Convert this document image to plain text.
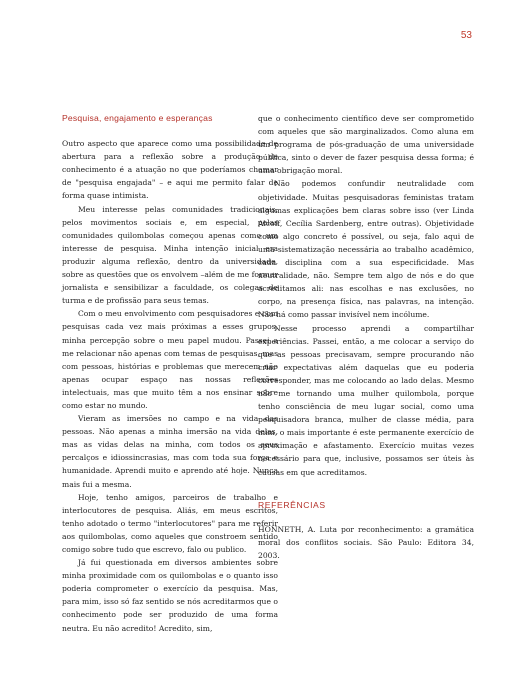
53
Pesquisa, engajamento e esperanças

Outro aspecto que aparece como uma possibilidade de abertura para a reflexão sobre a produção de conhecimento é a atuação no que poderíamos chamar de "pesquisa engajada" – e aqui me permito falar de forma quase intimista.

Meu interesse pelas comunidades tradicionais, pelos movimentos sociais e, em especial, pelas comunidades quilombolas começou apenas como um interesse de pesquisa. Minha intenção inicial era produzir alguma reflexão, dentro da universidade, sobre as questões que os envolvem –além de me formar jornalista e sensibilizar a faculdade, os colegas de turma e de profissão para seus temas.

Com o meu envolvimento com pesquisadores e com pesquisas cada vez mais próximas a esses grupos, minha percepção sobre o meu papel mudou. Passei a me relacionar não apenas com temas de pesquisas, mas com pessoas, histórias e problemas que merecem não apenas ocupar espaço nas nossas reflexões intelectuais, mas que muito têm a nos ensinar sobre como estar no mundo.

Vieram as imersões no campo e na vida das pessoas. Não apenas a minha imersão na vida delas, mas as vidas delas na minha, com todos os seus percalços e idiossincrasias, mas com toda sua força e humanidade. Aprendi muito e aprendo até hoje. Nunca mais fui a mesma.

Hoje, tenho amigos, parceiros de trabalho e interlocutores de pesquisa. Aliás, em meus escritos, tenho adotado o termo "interlocutores" para me referir aos quilombolas, como aqueles que constroem sentido comigo sobre tudo que escrevo, falo ou publico.

Já fui questionada em diversos ambientes sobre minha proximidade com os quilombolas e o quanto isso poderia comprometer o exercício da pesquisa. Mas, para mim, isso só faz sentido se nós acreditarmos que o conhecimento pode ser produzido de uma forma neutra. Eu não acredito! Acredito, sim,

que o conhecimento científico deve ser comprometido com aqueles que são marginalizados. Como aluna em um programa de pós-graduação de uma universidade pública, sinto o dever de fazer pesquisa dessa forma; é uma obrigação moral.

Não podemos confundir neutralidade com objetividade. Muitas pesquisadoras feministas tratam algumas explicações bem claras sobre isso (ver Linda Alcoff, Cecília Sardenberg, entre outras). Objetividade como algo concreto é possível, ou seja, falo aqui de uma sistematização necessária ao trabalho acadêmico, cada disciplina com a sua especificidade. Mas neutralidade, não. Sempre tem algo de nós e do que acreditamos ali: nas escolhas e nas exclusões, no corpo, na presença física, nas palavras, na intenção. Não há como passar invisível nem incólume.

Nesse processo aprendi a compartilhar experiências. Passei, então, a me colocar a serviço do que as pessoas precisavam, sempre procurando não criar expectativas além daquelas que eu poderia corresponder, mas me colocando ao lado delas. Mesmo não me tornando uma mulher quilombola, porque tenho consciência de meu lugar social, como uma pesquisadora branca, mulher de classe média, para mim, o mais importante é este permanente exercício de aproximação e afastamento. Exercício muitas vezes necessário para que, inclusive, possamos ser úteis às causas em que acreditamos.

REFERÊNCIAS

HONNETH, A. Luta por reconhecimento: a gramática moral dos conflitos sociais. São Paulo: Editora 34, 2003.
